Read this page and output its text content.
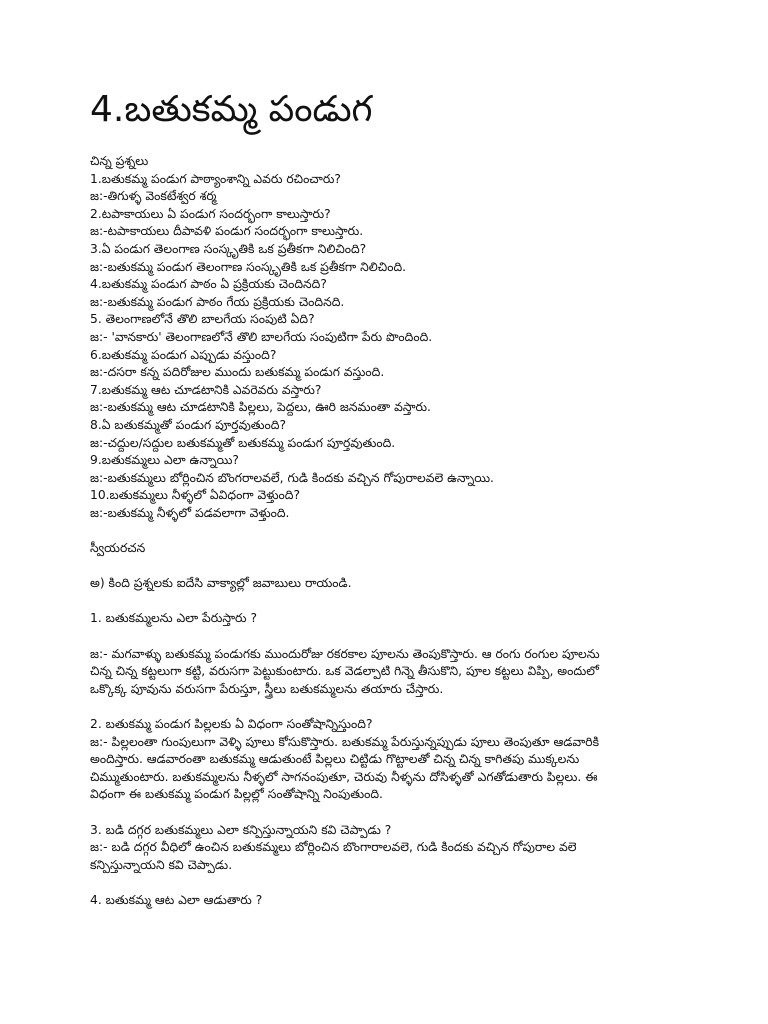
4.బతుకమ్మ పండుగ
చిన్న ప్రశ్నలు
1.బతుకమ్మ పండుగ పాఠ్యాంశాన్ని ఎవరు రచించారు?
జ:-తిగుళ్ళ వెంకటేశ్వర శర్మ
2.టపాకాయలు ఏ పండుగ సందర్భంగా కాలుస్తారు?
జ:-టపాకాయలు దీపావళి పండుగ సందర్భంగా కాలుస్తారు.
3.ఏ పండుగ తెలంగాణ సంస్కృతికి ఒక ప్రతీకగా నిలిచింది?
జ:-బతుకమ్మ పండుగ తెలంగాణ సంస్కృతికి ఒక ప్రతీకగా నిలిచింది.
4.బతుకమ్మ పండుగ పాఠం ఏ ప్రక్రియకు చెందినది?
జ:-బతుకమ్మ పండుగ పాఠం గేయ ప్రక్రియకు చెందినది.
5. తెలంగాణలోనే తొలి బాలగేయ సంపుటి ఏది?
జ:- 'వానకారు' తెలంగాణలోనే తొలి బాలగేయ సంపుటిగా పేరు పొందింది.
6.బతుకమ్మ పండుగ ఎప్పుడు వస్తుంది?
జ:-దసరా కన్న పదిరోజుల ముందు బతుకమ్మ పండుగ వస్తుంది.
7.బతుకమ్మ ఆట చూడటానికి ఎవరెవరు వస్తారు?
జ:-బతుకమ్మ ఆట చూడటానికి పిల్లలు, పెద్దలు, ఊరి జనమంతా వస్తారు.
8.ఏ బతుకమ్మతో పండుగ పూర్తవుతుంది?
జ:-చద్దుల/సద్దుల బతుకమ్మతో బతుకమ్మ పండుగ పూర్తవుతుంది.
9.బతుకమ్మలు ఎలా ఉన్నాయి?
జ:-బతుకమ్మలు బోర్లించిన బొంగరాలవలే, గుడి కిందకు వచ్చిన గోపురాలవలె ఉన్నాయి.
10.బతుకమ్మలు నీళ్ళలో ఏవిధంగా వెళ్తుంది?
జ:-బతుకమ్మ నీళ్ళలో పడవలాగా వెళ్తుంది.
స్వీయరచన
అ) కింది ప్రశ్నలకు ఐదేసి వాక్యాల్లో జవాబులు రాయండి.
1. బతుకమ్మలను ఎలా పేరుస్తారు ?
జ:- మగవాళ్ళు బతుకమ్మ పండుగకు ముందురోజు రకరకాల పూలను తెంపుకొస్తారు. ఆ రంగు రంగుల పూలను
చిన్న చిన్న కట్టలుగా కట్టి, వరుసగా పెట్టుకుంటారు. ఒక వెడల్పాటి గిన్నె తీసుకొని, పూల కట్టలు విప్పి, అందులో
ఒక్కొక్క పూవును వరుసగా పేరుస్తూ, స్త్రీలు బతుకమ్మలను తయారు చేస్తారు.
2. బతుకమ్మ పండుగ పిల్లలకు ఏ విధంగా సంతోషాన్నిస్తుంది?
జ:- పిల్లలంతా గుంపులుగా వెళ్ళి పూలు కోసుకొస్తారు. బతుకమ్మ పేరుస్తున్నప్పుడు పూలు తెంపుతూ ఆడవారికి
అందిస్తారు. ఆడవారంతా బతుకమ్మ ఆడుతుంటే పిల్లలు చిట్టిడు గొట్టాలతో చిన్న చిన్న కాగితపు ముక్కలను
చిమ్ముతుంటారు. బతుకమ్మలను నీళ్ళలో సాగనంపుతూ, చెరువు నీళ్ళను దోసిళ్ళతో ఎగతోడుతారు పిల్లలు. ఈ
విధంగా ఈ బతుకమ్మ పండుగ పిల్లల్లో సంతోషాన్ని నింపుతుంది.
3. బడి దగ్గర బతుకమ్మలు ఎలా కన్పిస్తున్నాయని కవి చెప్పాడు ?
జ:- బడి దగ్గర వీధిలో ఉంచిన బతుకమ్మలు బోర్లించిన బొంగారాలవలె, గుడి కిందకు వచ్చిన గోపురాల వలె
కన్పిస్తున్నాయని కవి చెప్పాడు.
4. బతుకమ్మ ఆట ఎలా ఆడుతారు ?
